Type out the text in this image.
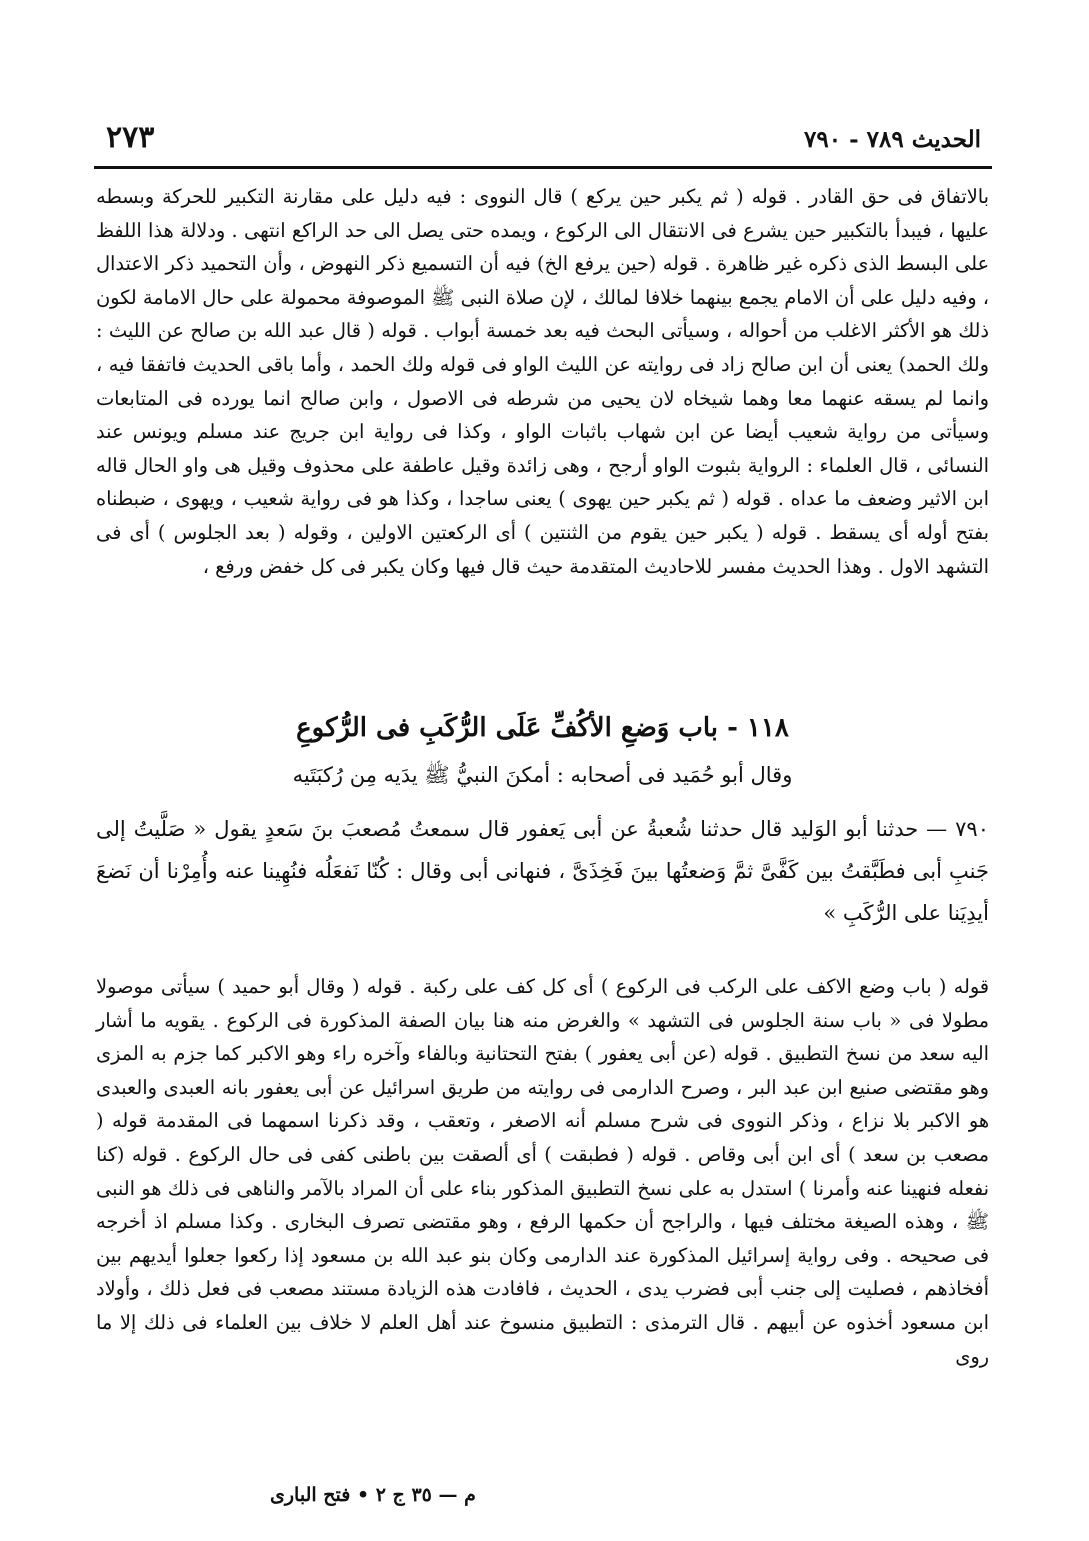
الحديث ٧٨٩ - ٧٩٠
٢٧٣

بالاتفاق فى حق القادر . قوله ( ثم يكبر حين يركع ) قال النووى : فيه دليل على مقارنة التكبير للحركة وبسطه عليها ، فيبدأ بالتكبير حين يشرع فى الانتقال الى الركوع ، ويمده حتى يصل الى حد الراكع انتهى . ودلالة هذا اللفظ على البسط الذى ذكره غير ظاهرة . قوله (حين يرفع الخ) فيه أن التسميع ذكر النهوض ، وأن التحميد ذكر الاعتدال ، وفيه دليل على أن الامام يجمع بينهما خلافا لمالك ، لإن صلاة النبى ﷺ الموصوفة محمولة على حال الامامة لكون ذلك هو الأكثر الاغلب من أحواله ، وسيأتى البحث فيه بعد خمسة أبواب . قوله ( قال عبد الله بن صالح عن الليث : ولك الحمد) يعنى أن ابن صالح زاد فى روايته عن الليث الواو فى قوله ولك الحمد ، وأما باقى الحديث فاتفقا فيه ، وانما لم يسقه عنهما معا وهما شيخاه لان يحيى من شرطه فى الاصول ، وابن صالح انما يورده فى المتابعات وسيأتى من رواية شعيب أيضا عن ابن شهاب باثبات الواو ، وكذا فى رواية ابن جريج عند مسلم ويونس عند النسائى ، قال العلماء : الرواية بثبوت الواو أرجح ، وهى زائدة وقيل عاطفة على محذوف وقيل هى واو الحال قاله ابن الاثير وضعف ما عداه . قوله ( ثم يكبر حين يهوى ) يعنى ساجدا ، وكذا هو فى رواية شعيب ، ويهوى ، ضبطناه بفتح أوله أى يسقط . قوله ( يكبر حين يقوم من الثنتين ) أى الركعتين الاولين ، وقوله ( بعد الجلوس ) أى فى التشهد الاول . وهذا الحديث مفسر للاحاديث المتقدمة حيث قال فيها وكان يكبر فى كل خفض ورفع ،

١١٨ - باب وَضعِ الأكُفِّ عَلَى الرُّكَبِ فى الرُّكوعِ

وقال أبو حُمَيد فى أصحابه : أمكنَ النبيُّ ﷺ يدَيه مِن رُكبَتَيه

٧٩٠ — حدثنا أبو الوَليد قال حدثنا شُعبةُ عن أبى يَعفور قال سمعتُ مُصعبَ بنَ سَعدٍ يقول « صَلَّيتُ إلى جَنبِ أبى فطَبَّقتُ بين كَفَّىَّ ثمَّ وَضعتُها بينَ فَخِذَىَّ ، فنهانى أبى وقال : كُنّا نَفعَلُه فنُهِينا عنه وأُمِرْنا أن نَضعَ أيدِيَنا على الرُّكَبِ »

قوله ( باب وضع الاكف على الركب فى الركوع ) أى كل كف على ركبة . قوله ( وقال أبو حميد ) سيأتى موصولا مطولا فى « باب سنة الجلوس فى التشهد » والغرض منه هنا بيان الصفة المذكورة فى الركوع . يقويه ما أشار اليه سعد من نسخ التطبيق . قوله (عن أبى يعفور ) بفتح التحتانية وبالفاء وآخره راء وهو الاكبر كما جزم به المزى وهو مقتضى صنيع ابن عبد البر ، وصرح الدارمى فى روايته من طريق اسرائيل عن أبى يعفور بانه العبدى والعبدى هو الاكبر بلا نزاع ، وذكر النووى فى شرح مسلم أنه الاصغر ، وتعقب ، وقد ذكرنا اسمهما فى المقدمة قوله ( مصعب بن سعد ) أى ابن أبى وقاص . قوله ( فطبقت ) أى ألصقت بين باطنى كفى فى حال الركوع . قوله (كنا نفعله فنهينا عنه وأمرنا ) استدل به على نسخ التطبيق المذكور بناء على أن المراد بالآمر والناهى فى ذلك هو النبى ﷺ ، وهذه الصيغة مختلف فيها ، والراجح أن حكمها الرفع ، وهو مقتضى تصرف البخارى . وكذا مسلم اذ أخرجه فى صحيحه . وفى رواية إسرائيل المذكورة عند الدارمى وكان بنو عبد الله بن مسعود إذا ركعوا جعلوا أيديهم بين أفخاذهم ، فصليت إلى جنب أبى فضرب يدى ، الحديث ، فافادت هذه الزيادة مستند مصعب فى فعل ذلك ، وأولاد ابن مسعود أخذوه عن أبيهم . قال الترمذى : التطبيق منسوخ عند أهل العلم لا خلاف بين العلماء فى ذلك إلا ما روى

م — ٣٥ ج ٢ • فتح البارى
